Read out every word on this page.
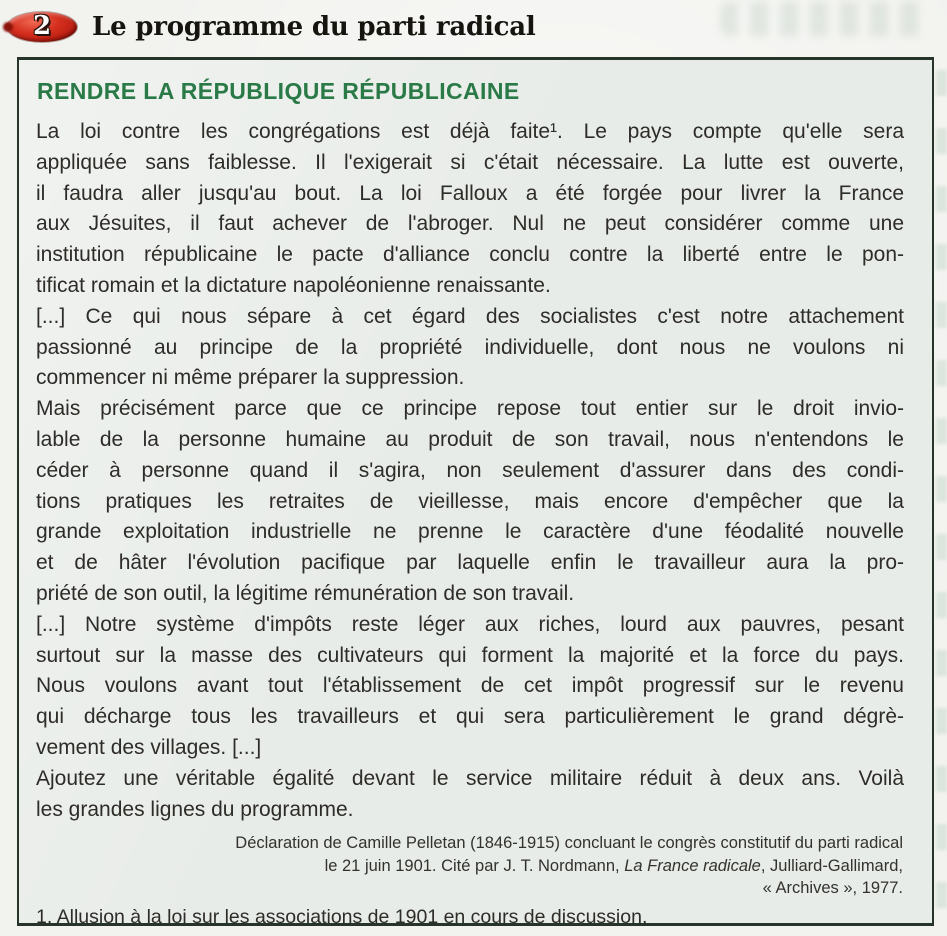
2 Le programme du parti radical
RENDRE LA RÉPUBLIQUE RÉPUBLICAINE
La loi contre les congrégations est déjà faite¹. Le pays compte qu'elle sera
appliquée sans faiblesse. Il l'exigerait si c'était nécessaire. La lutte est ouverte,
il faudra aller jusqu'au bout. La loi Falloux a été forgée pour livrer la France
aux Jésuites, il faut achever de l'abroger. Nul ne peut considérer comme une
institution républicaine le pacte d'alliance conclu contre la liberté entre le pon-
tificat romain et la dictature napoléonienne renaissante.
[...] Ce qui nous sépare à cet égard des socialistes c'est notre attachement
passionné au principe de la propriété individuelle, dont nous ne voulons ni
commencer ni même préparer la suppression.
Mais précisément parce que ce principe repose tout entier sur le droit invio-
lable de la personne humaine au produit de son travail, nous n'entendons le
céder à personne quand il s'agira, non seulement d'assurer dans des condi-
tions pratiques les retraites de vieillesse, mais encore d'empêcher que la
grande exploitation industrielle ne prenne le caractère d'une féodalité nouvelle
et de hâter l'évolution pacifique par laquelle enfin le travailleur aura la pro-
priété de son outil, la légitime rémunération de son travail.
[...] Notre système d'impôts reste léger aux riches, lourd aux pauvres, pesant
surtout sur la masse des cultivateurs qui forment la majorité et la force du pays.
Nous voulons avant tout l'établissement de cet impôt progressif sur le revenu
qui décharge tous les travailleurs et qui sera particulièrement le grand dégrè-
vement des villages. [...]
Ajoutez une véritable égalité devant le service militaire réduit à deux ans. Voilà
les grandes lignes du programme.
Déclaration de Camille Pelletan (1846-1915) concluant le congrès constitutif du parti radical
le 21 juin 1901. Cité par J. T. Nordmann, La France radicale, Julliard-Gallimard,
« Archives », 1977.
1. Allusion à la loi sur les associations de 1901 en cours de discussion.
